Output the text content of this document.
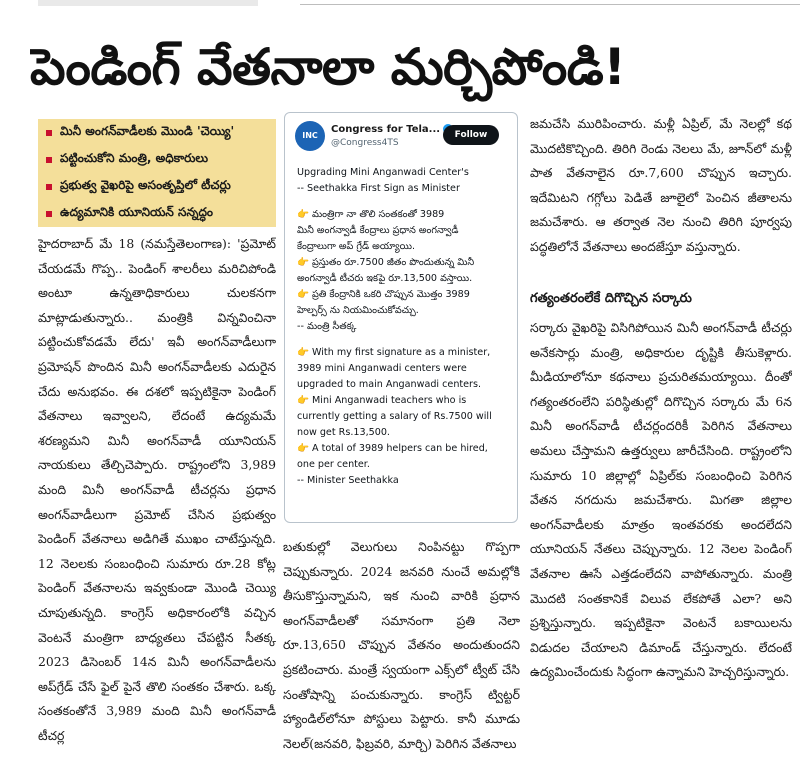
పెండింగ్ వేతనాలా మర్చిపోండి!
మినీ అంగన్‌వాడీలకు మొండి 'చెయ్యి'
పట్టించుకోని మంత్రి, అధికారులు
ప్రభుత్వ వైఖరిపై అసంతృప్తిలో టీచర్లు
ఉద్యమానికి యూనియన్ సన్నద్ధం

హైదరాబాద్ మే 18 (నమస్తేతెలంగాణ): 'ప్రమోట్ చేయడమే గొప్ప.. పెండింగ్ శాలరీలు మరిచిపోండి అంటూ ఉన్నతాధికారులు చులకనగా మాట్లాడుతున్నారు.. మంత్రికి విన్నవించినా పట్టించుకోవడమే లేదు' ఇవీ అంగన్‌వాడీలుగా ప్రమోషన్ పొందిన మినీ అంగన్‌వాడీలకు ఎదురైన చేదు అనుభవం. ఈ దశలో ఇప్పటికైనా పెండింగ్ వేతనాలు ఇవ్వాలని, లేదంటే ఉద్యమమే శరణ్యమని మినీ అంగన్‌వాడీ యూనియన్ నాయకులు తేల్చిచెప్పారు. రాష్ట్రంలోని 3,989 మంది మినీ అంగన్‌వాడీ టీచర్లను ప్రధాన అంగన్‌వాడీలుగా ప్రమోట్ చేసిన ప్రభుత్వం పెండింగ్ వేతనాలు అడిగితే ముఖం చాటేస్తున్నది. 12 నెలలకు సంబంధించి సుమారు రూ.28 కోట్ల పెండింగ్ వేతనాలను ఇవ్వకుండా మొండి చెయ్యి చూపుతున్నది. కాంగ్రెస్ అధికారంలోకి వచ్చిన వెంటనే మంత్రిగా బాధ్యతలు చేపట్టిన సీతక్క 2023 డిసెంబర్ 14న మినీ అంగన్‌వాడీలను అప్‌గ్రేడ్ చేసే ఫైల్ పైనే తొలి సంతకం చేశారు. ఒక్క సంతకంతోనే 3,989 మంది మినీ అంగన్‌వాడీ టీచర్ల

INC
Congress for Tela...
@Congress4TS
Follow
Upgrading Mini Anganwadi Center's
-- Seethakka First Sign as Minister
👉 మంత్రిగా నా తొలి సంతకంతో 3989
మినీ అంగన్వాడీ కేంద్రాలు ప్రధాన అంగన్వాడీ
కేంద్రాలుగా అప్ గ్రేడ్ అయ్యాయి.
👉 ప్రస్తుతం రూ.7500 జీతం పొందుతున్న మినీ
అంగన్వాడీ టీచరు ఇకపై రూ.13,500 వస్తాయి.
👉 ప్రతి కేంద్రానికి ఒకరి చొప్పున మొత్తం 3989
హెల్పర్స్ ను నియమించుకోవచ్చు.
-- మంత్రి సీతక్క
👉 With my first signature as a minister,
3989 mini Anganwadi centers were
upgraded to main Anganwadi centers.
👉 Mini Anganwadi teachers who is
currently getting a salary of Rs.7500 will
now get Rs.13,500.
👉 A total of 3989 helpers can be hired,
one per center.
-- Minister Seethakka

బతుకుల్లో వెలుగులు నింపినట్టు గొప్పగా చెప్పుకున్నారు. 2024 జనవరి నుంచే అమల్లోకి తీసుకొస్తున్నామని, ఇక నుంచి వారికి ప్రధాన అంగన్‌వాడీలతో సమానంగా ప్రతి నెలా రూ.13,650 చొప్పున వేతనం అందుతుందని ప్రకటించారు. మంత్రే స్వయంగా ఎక్స్‌లో ట్వీట్ చేసి సంతోషాన్ని పంచుకున్నారు. కాంగ్రెస్ ట్విట్టర్ హ్యాండిల్‌లోనూ పోస్టులు పెట్టారు. కానీ మూడు నెలల్(జనవరి, ఫిబ్రవరి, మార్చి) పెరిగిన వేతనాలు

జమచేసి మురిపించారు. మళ్లీ ఏప్రిల్, మే నెలల్లో కథ మొదటికొచ్చింది. తిరిగి రెండు నెలలు మే, జూన్‌లో మళ్లీ పాత వేతనాలైన రూ.7,600 చొప్పున ఇచ్చారు. ఇదేమిటని గగ్గోలు పెడితే జూలైలో పెంచిన జీతాలను జమచేశారు. ఆ తర్వాత నెల నుంచి తిరిగి పూర్వపు పద్ధతిలోనే వేతనాలు అందజేస్తూ వస్తున్నారు.

గత్యంతరంలేకే దిగొచ్చిన సర్కారు

సర్కారు వైఖరిపై విసిగిపోయిన మినీ అంగన్‌వాడీ టీచర్లు అనేకసార్లు మంత్రి, అధికారుల దృష్టికి తీసుకెళ్లారు. మీడియాలోనూ కథనాలు ప్రచురితమయ్యాయి. దీంతో గత్యంతరంలేని పరిస్థితుల్లో దిగొచ్చిన సర్కారు మే 6న మినీ అంగన్‌వాడీ టీచర్లందరికీ పెరిగిన వేతనాలు అమలు చేస్తామని ఉత్తర్వులు జారీచేసింది. రాష్ట్రంలోని సుమారు 10 జిల్లాల్లో ఏప్రిల్‌కు సంబంధించి పెరిగిన వేతన నగదును జమచేశారు. మిగతా జిల్లాల అంగన్‌వాడీలకు మాత్రం ఇంతవరకు అందలేదని యూనియన్ నేతలు చెప్పున్నారు. 12 నెలల పెండింగ్ వేతనాల ఊసే ఎత్తడంలేదని వాపోతున్నారు. మంత్రి మొదటి సంతకానికే విలువ లేకపోతే ఎలా? అని ప్రశ్నిస్తున్నారు. ఇప్పటికైనా వెంటనే బకాయిలను విడుదల చేయాలని డిమాండ్ చేస్తున్నారు. లేదంటే ఉద్యమించేందుకు సిద్ధంగా ఉన్నామని హెచ్చరిస్తున్నారు.
